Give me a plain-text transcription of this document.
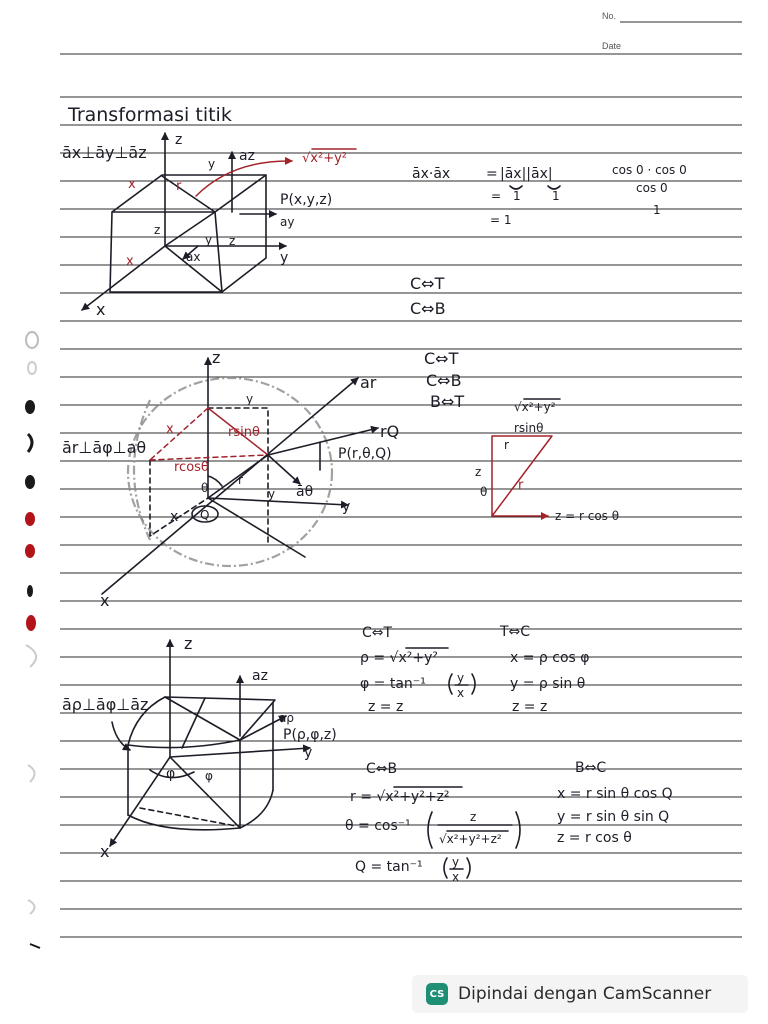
No.
Date
Transformasi titik
āx⊥āy⊥āz
z
y az	√x²+y²
x	r
P(x,y,z)
ay
z
y z
ax	y
x
x
āx·āx	= |āx||āx|	cos 0 · cos 0
cos 0
1
= 1	1
= 1
C⇔T
C⇔B
z
ar
y
x	rsinθ	rQ
P(r,θ,Q)
rcosθ
θ
r
y āθ
y
x Q
x
ār⊥āφ⊥aθ
C⇔T
C⇔B
B⇔T	√x²+y²
rsinθ
r
z
θ r
z = r cos θ
z
az
aρ
P(ρ,φ,z)
y
φ φ
x
āρ⊥āφ⊥āz
C⇔T
ρ = √x²+y²
φ = tan⁻¹	y
x
z = z
T⇔C
x = ρ cos φ
y = ρ sin θ
z = z
C⇔B
r = √x²+y²+z²
θ = cos⁻¹
z
√x²+y²+z²
Q = tan⁻¹ y
x
B⇔C
x = r sin θ cos Q
y = r sin θ sin Q
z = r cos θ
CS Dipindai dengan CamScanner
